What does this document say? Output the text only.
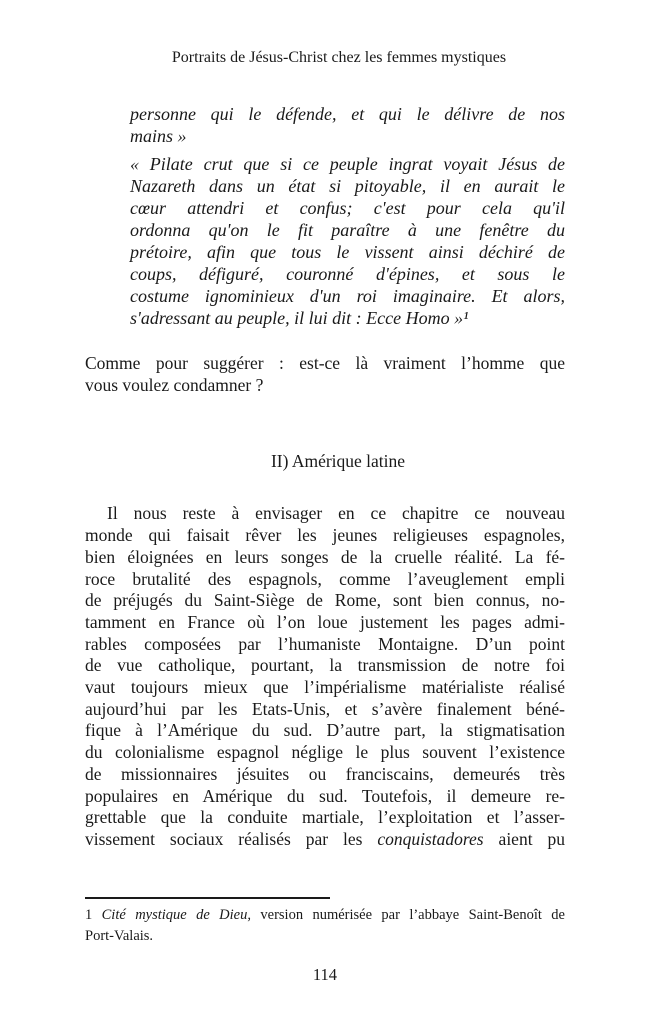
Portraits de Jésus-Christ chez les femmes mystiques
personne qui le défende, et qui le délivre de nos
mains »
« Pilate crut que si ce peuple ingrat voyait Jésus de
Nazareth dans un état si pitoyable, il en aurait le
cœur attendri et confus; c'est pour cela qu'il
ordonna qu'on le fit paraître à une fenêtre du
prétoire, afin que tous le vissent ainsi déchiré de
coups, défiguré, couronné d'épines, et sous le
costume ignominieux d'un roi imaginaire. Et alors,
s'adressant au peuple, il lui dit : Ecce Homo »¹
Comme pour suggérer : est-ce là vraiment l’homme que
vous voulez condamner ?
II) Amérique latine
Il nous reste à envisager en ce chapitre ce nouveau
monde qui faisait rêver les jeunes religieuses espagnoles,
bien éloignées en leurs songes de la cruelle réalité. La fé-
roce brutalité des espagnols, comme l’aveuglement empli
de préjugés du Saint-Siège de Rome, sont bien connus, no-
tamment en France où l’on loue justement les pages admi-
rables composées par l’humaniste Montaigne. D’un point
de vue catholique, pourtant, la transmission de notre foi
vaut toujours mieux que l’impérialisme matérialiste réalisé
aujourd’hui par les Etats-Unis, et s’avère finalement béné-
fique à l’Amérique du sud. D’autre part, la stigmatisation
du colonialisme espagnol néglige le plus souvent l’existence
de missionnaires jésuites ou franciscains, demeurés très
populaires en Amérique du sud. Toutefois, il demeure re-
grettable que la conduite martiale, l’exploitation et l’asser-
vissement sociaux réalisés par les conquistadores aient pu
1 Cité mystique de Dieu, version numérisée par l’abbaye Saint-Benoît de
Port-Valais.
114
